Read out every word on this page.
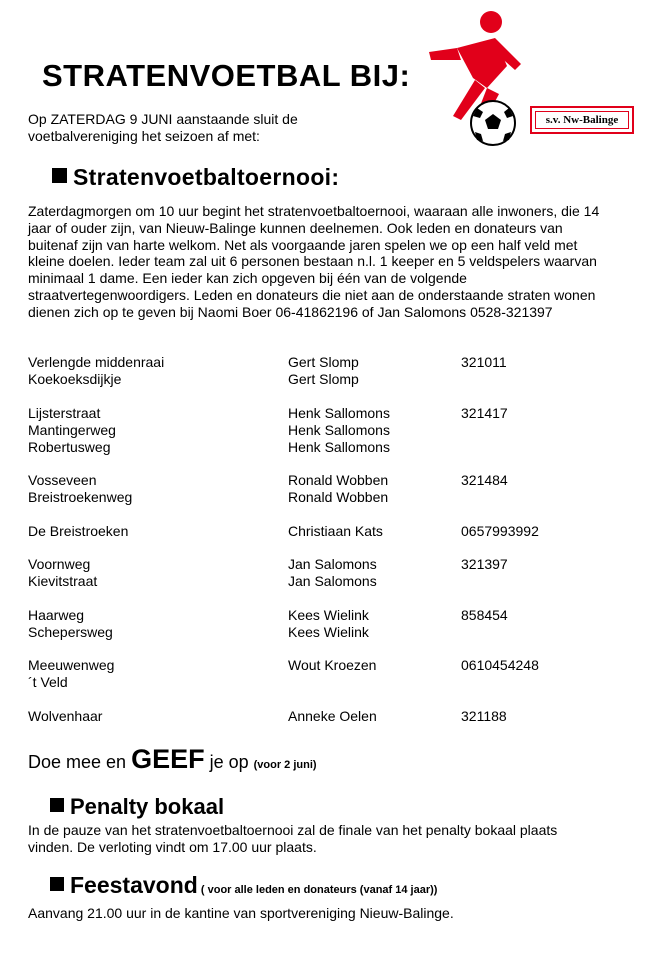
STRATENVOETBAL BIJ:
Op ZATERDAG 9 JUNI aanstaande sluit de voetbalvereniging het seizoen af met:
s.v. Nw-Balinge
Stratenvoetbaltoernooi:
Zaterdagmorgen om 10 uur begint het stratenvoetbaltoernooi, waaraan alle inwoners, die 14 jaar of ouder zijn, van Nieuw-Balinge kunnen deelnemen. Ook leden en donateurs van buitenaf zijn van harte welkom. Net als voorgaande jaren spelen we op een half veld met kleine doelen. Ieder team zal uit 6 personen bestaan n.l. 1 keeper en 5 veldspelers waarvan minimaal 1 dame. Een ieder kan zich opgeven bij één van de volgende straatvertegenwoordigers. Leden en donateurs die niet aan de onderstaande straten wonen dienen zich op te geven bij Naomi Boer 06-41862196 of Jan Salomons 0528-321397
Verlengde middenraai	Gert Slomp	321011
Koekoeksdijkje	Gert Slomp
Lijsterstraat	Henk Sallomons	321417
Mantingerweg	Henk Sallomons
Robertusweg	Henk Sallomons
Vosseveen	Ronald Wobben	321484
Breistroekenweg	Ronald Wobben
De Breistroeken	Christiaan Kats	0657993992
Voornweg	Jan Salomons	321397
Kievitstraat	Jan Salomons
Haarweg	Kees Wielink	858454
Schepersweg	Kees Wielink
Meeuwenweg	Wout Kroezen	0610454248
´t Veld
Wolvenhaar	Anneke Oelen	321188
Doe mee en GEEF je op (voor 2 juni)
Penalty bokaal
In de pauze van het stratenvoetbaltoernooi zal de finale van het penalty bokaal plaats vinden. De verloting vindt om 17.00 uur plaats.
Feestavond ( voor alle leden en donateurs (vanaf 14 jaar))
Aanvang 21.00 uur in de kantine van sportvereniging Nieuw-Balinge.
